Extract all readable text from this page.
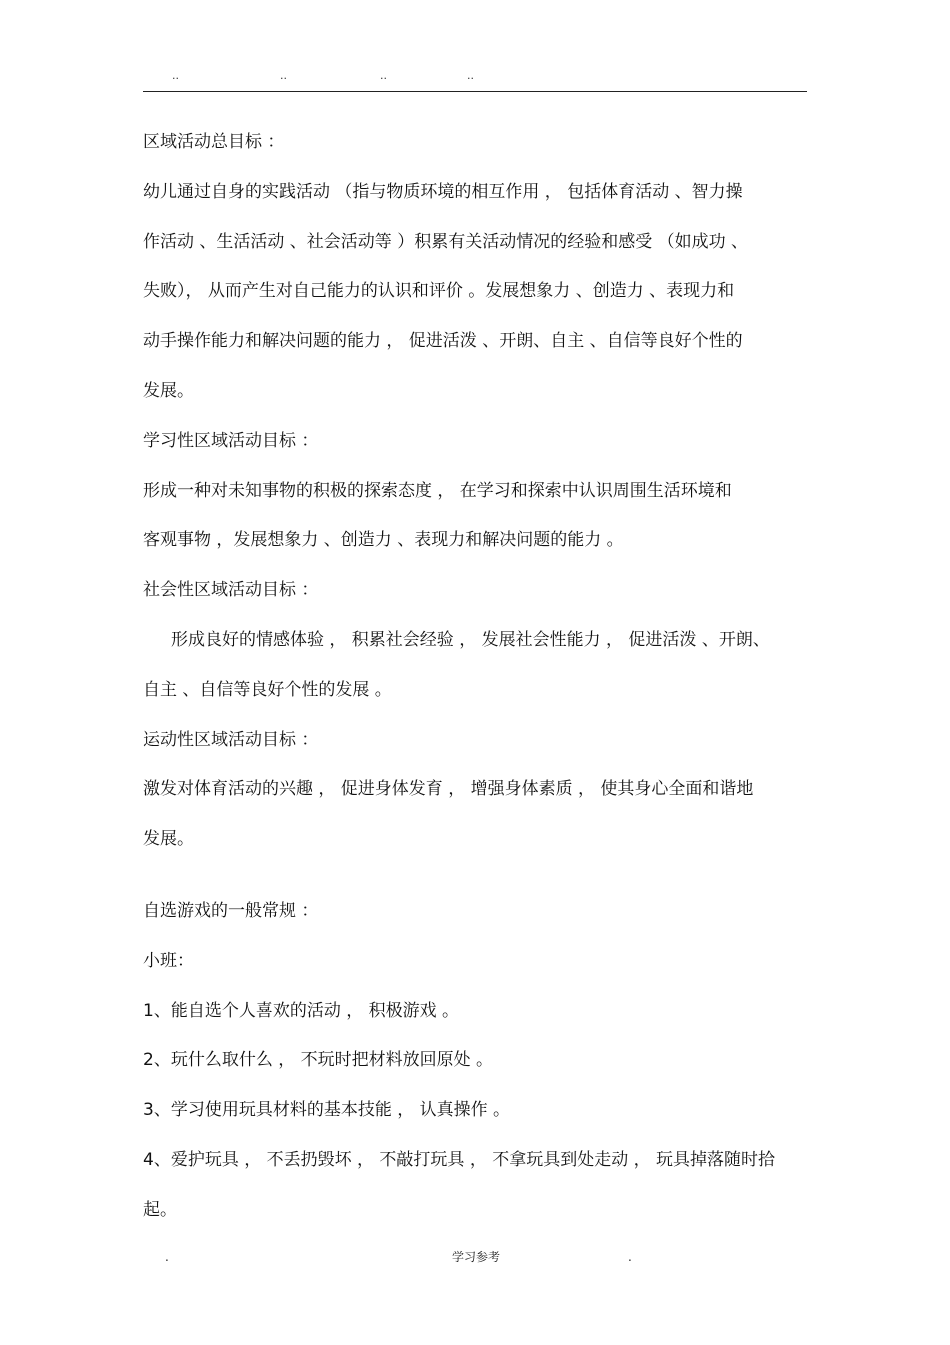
..	..	..	..
区域活动总目标 ：
幼儿通过自身的实践活动 （指与物质环境的相互作用 ， 包括体育活动 、智力操
作活动 、生活活动 、社会活动等 ）积累有关活动情况的经验和感受 （如成功 、
失败）， 从而产生对自己能力的认识和评价 。发展想象力 、创造力 、表现力和
动手操作能力和解决问题的能力 ， 促进活泼 、开朗、自主 、自信等良好个性的
发展。
学习性区域活动目标 ：
形成一种对未知事物的积极的探索态度 ， 在学习和探索中认识周围生活环境和
客观事物 ，发展想象力 、创造力 、表现力和解决问题的能力 。
社会性区域活动目标 ：
形成良好的情感体验 ， 积累社会经验 ， 发展社会性能力 ， 促进活泼 、开朗、
自主 、自信等良好个性的发展 。
运动性区域活动目标 ：
激发对体育活动的兴趣 ， 促进身体发育 ， 增强身体素质 ， 使其身心全面和谐地
发展。
自选游戏的一般常规 ：
小班：
1、能自选个人喜欢的活动 ， 积极游戏 。
2、玩什么取什么 ， 不玩时把材料放回原处 。
3、学习使用玩具材料的基本技能 ， 认真操作 。
4、爱护玩具 ， 不丢扔毁坏 ， 不敲打玩具 ， 不拿玩具到处走动 ， 玩具掉落随时拾
起。
.	学习参考	.
